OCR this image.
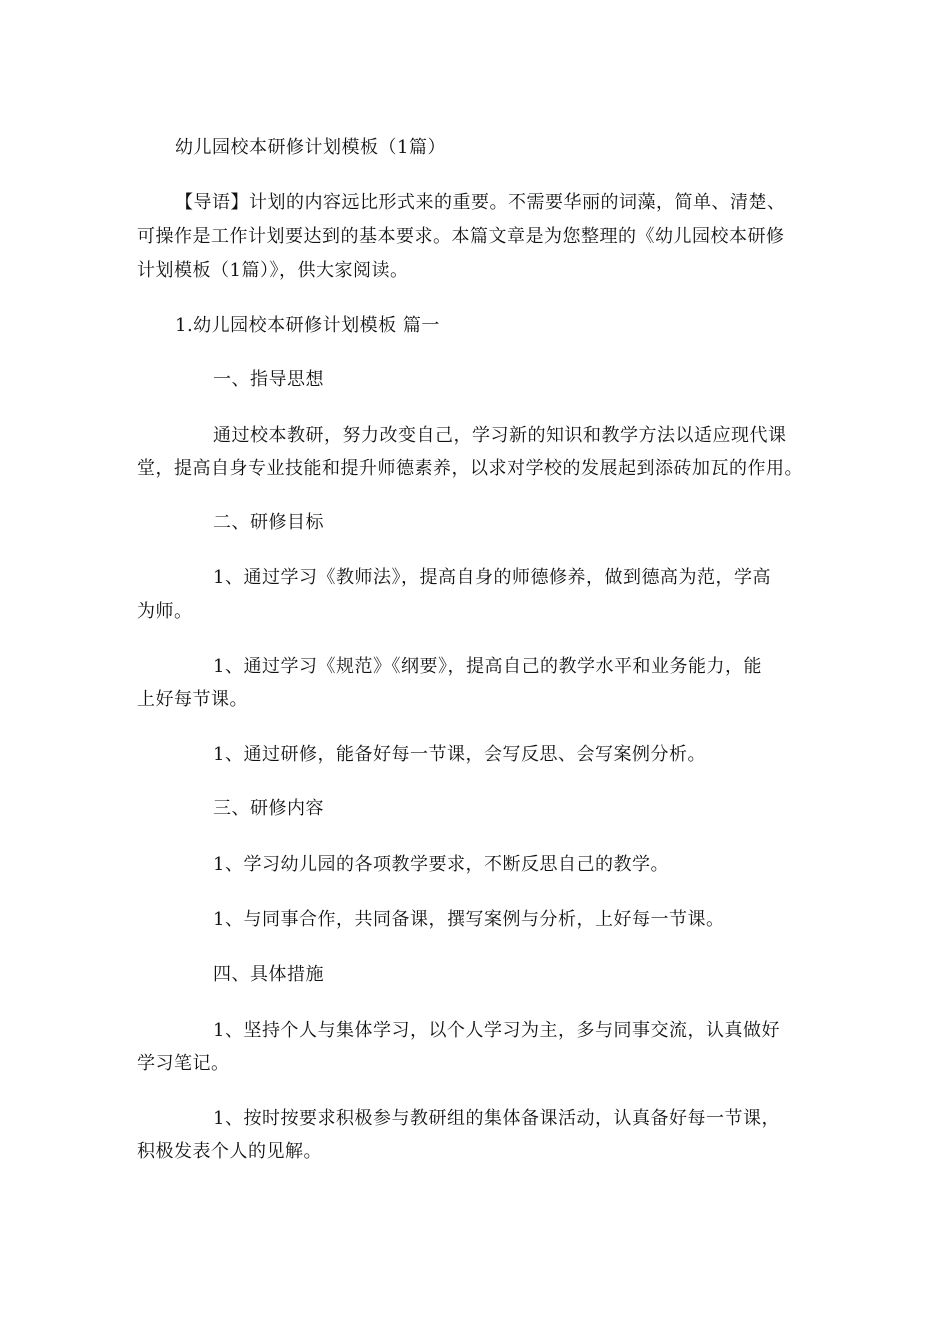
幼儿园校本研修计划模板（1篇）
【导语】计划的内容远比形式来的重要。不需要华丽的词藻，简单、清楚、
可操作是工作计划要达到的基本要求。本篇文章是为您整理的《幼儿园校本研修
计划模板（1篇）》，供大家阅读。
1.幼儿园校本研修计划模板 篇一
一、指导思想
通过校本教研，努力改变自己，学习新的知识和教学方法以适应现代课
堂，提高自身专业技能和提升师德素养，以求对学校的发展起到添砖加瓦的作用。
二、研修目标
1、通过学习《教师法》，提高自身的师德修养，做到德高为范，学高
为师。
1、通过学习《规范》《纲要》，提高自己的教学水平和业务能力，能
上好每节课。
1、通过研修，能备好每一节课，会写反思、会写案例分析。
三、研修内容
1、学习幼儿园的各项教学要求，不断反思自己的教学。
1、与同事合作，共同备课，撰写案例与分析，上好每一节课。
四、具体措施
1、坚持个人与集体学习，以个人学习为主，多与同事交流，认真做好
学习笔记。
1、按时按要求积极参与教研组的集体备课活动，认真备好每一节课，
积极发表个人的见解。
